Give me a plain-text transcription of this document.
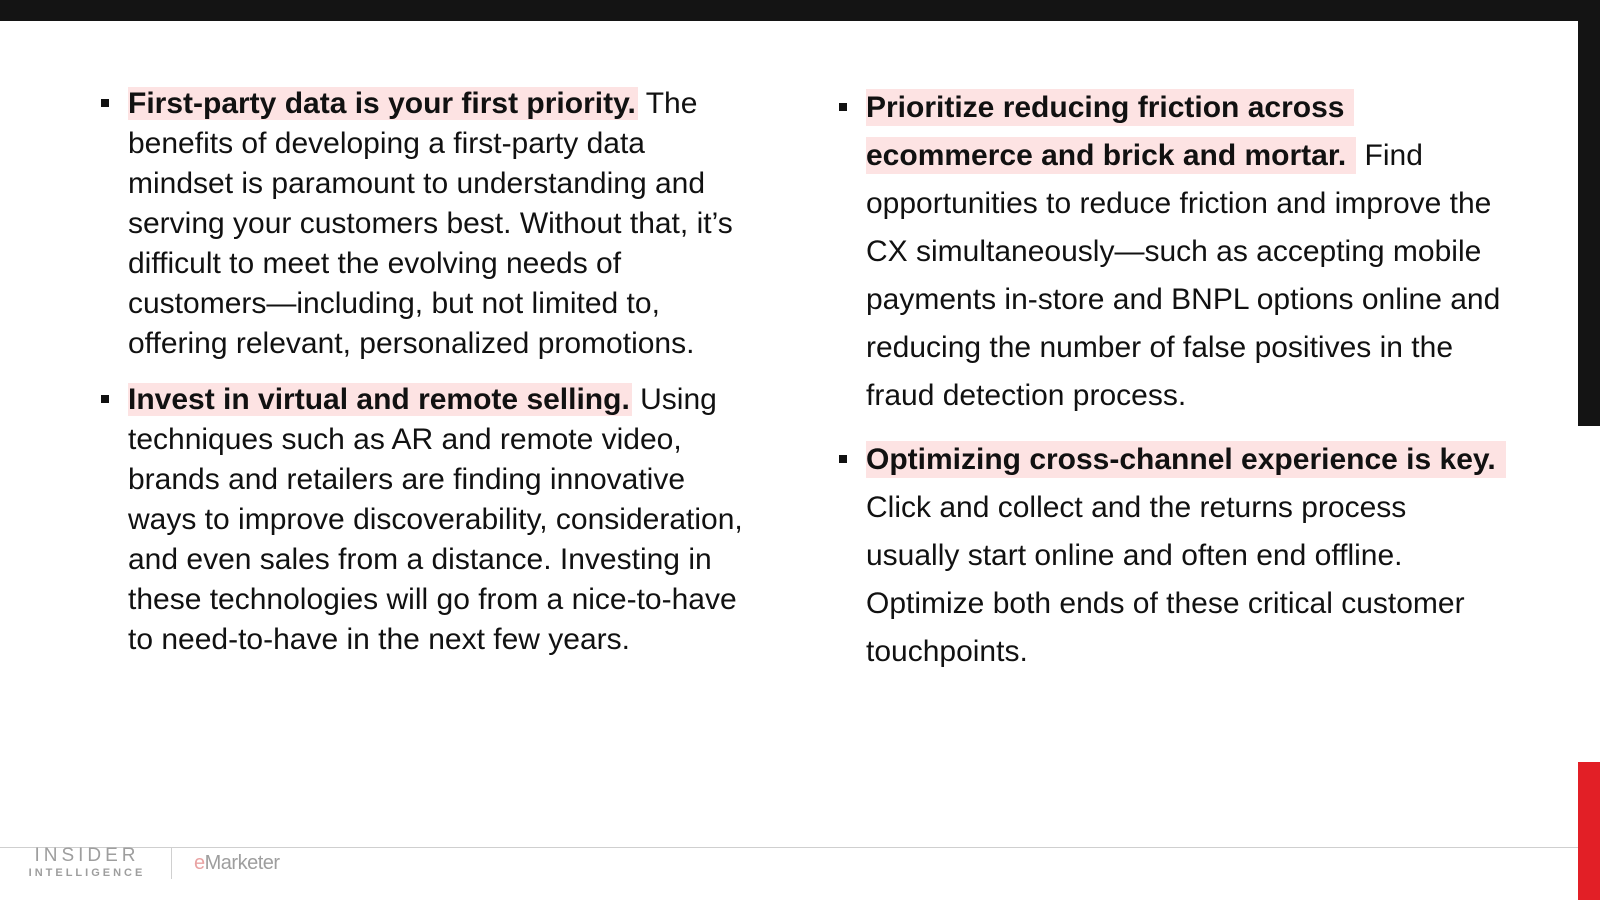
First-party data is your first priority. The benefits of developing a first-party data mindset is paramount to understanding and serving your customers best. Without that, it’s difficult to meet the evolving needs of customers—including, but not limited to, offering relevant, personalized promotions.
Invest in virtual and remote selling. Using techniques such as AR and remote video, brands and retailers are finding innovative ways to improve discoverability, consideration, and even sales from a distance. Investing in these technologies will go from a nice-to-have to need-to-have in the next few years.
Prioritize reducing friction across ecommerce and brick and mortar. Find opportunities to reduce friction and improve the CX simultaneously—such as accepting mobile payments in-store and BNPL options online and reducing the number of false positives in the fraud detection process.
Optimizing cross-channel experience is key. Click and collect and the returns process usually start online and often end offline. Optimize both ends of these critical customer touchpoints.
INSIDER
INTELLIGENCE	eMarketer
